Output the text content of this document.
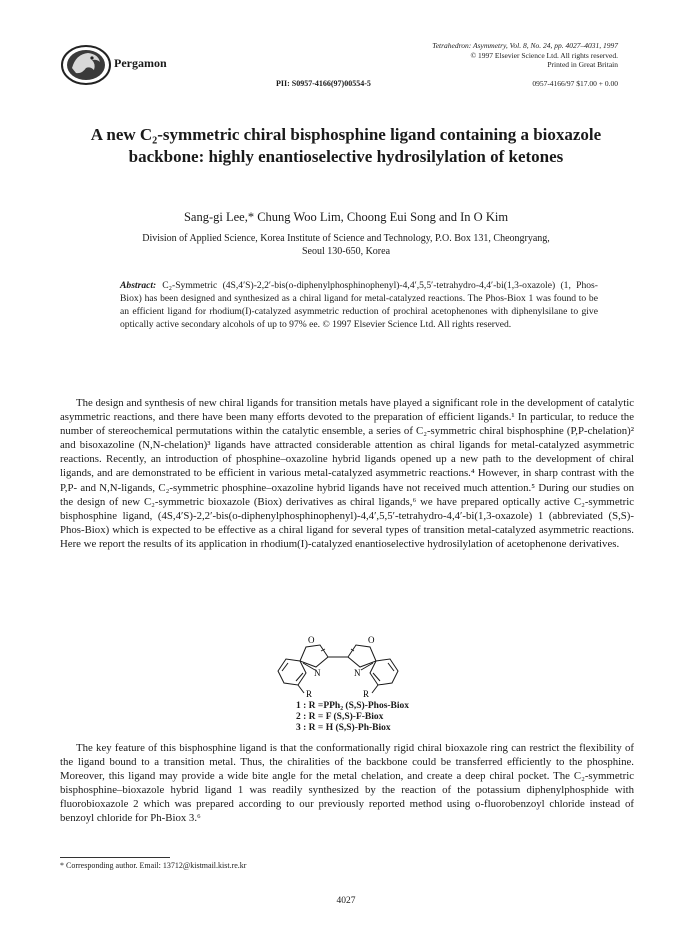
Pergamon
Tetrahedron: Asymmetry, Vol. 8, No. 24, pp. 4027–4031, 1997
© 1997 Elsevier Science Ltd. All rights reserved.
Printed in Great Britain
PII: S0957-4166(97)00554-5	0957-4166/97 $17.00 + 0.00
A new C₂-symmetric chiral bisphosphine ligand containing a bioxazole backbone: highly enantioselective hydrosilylation of ketones
Sang-gi Lee,* Chung Woo Lim, Choong Eui Song and In O Kim
Division of Applied Science, Korea Institute of Science and Technology, P.O. Box 131, Cheongryang,
Seoul 130-650, Korea
Abstract: C₂-Symmetric (4S,4′S)-2,2′-bis(o-diphenylphosphinophenyl)-4,4′,5,5′-tetrahydro-4,4′-bi(1,3-oxazole) (1, Phos-Biox) has been designed and synthesized as a chiral ligand for metal-catalyzed reactions. The Phos-Biox 1 was found to be an efficient ligand for rhodium(I)-catalyzed asymmetric reduction of prochiral acetophenones with diphenylsilane to give optically active secondary alcohols of up to 97% ee. © 1997 Elsevier Science Ltd. All rights reserved.
The design and synthesis of new chiral ligands for transition metals have played a significant role in the development of catalytic asymmetric reactions, and there have been many efforts devoted to the preparation of efficient ligands.¹ In particular, to reduce the number of stereochemical permutations within the catalytic ensemble, a series of C₂-symmetric chiral bisphosphine (P,P-chelation)² and bisoxazoline (N,N-chelation)³ ligands have attracted considerable attention as chiral ligands for metal-catalyzed asymmetric reactions. Recently, an introduction of phosphine–oxazoline hybrid ligands opened up a new path to the development of chiral ligands, and are demonstrated to be efficient in various metal-catalyzed asymmetric reactions.⁴ However, in sharp contrast with the P,P- and N,N-ligands, C₂-symmetric phosphine–oxazoline hybrid ligands have not received much attention.⁵ During our studies on the design of new C₂-symmetric bioxazole (Biox) derivatives as chiral ligands,⁶ we have prepared optically active C₂-symmetric bisphosphine ligand, (4S,4′S)-2,2′-bis(o-diphenylphosphinophenyl)-4,4′,5,5′-tetrahydro-4,4′-bi(1,3-oxazole) 1 (abbreviated (S,S)-Phos-Biox) which is expected to be effective as a chiral ligand for several types of transition metal-catalyzed asymmetric reactions. Here we report the results of its application in rhodium(I)-catalyzed enantioselective hydrosilylation of acetophenone derivatives.
O	O
N	N
R	R
1 : R =PPh₂ (S,S)-Phos-Biox
2 : R = F (S,S)-F-Biox
3 : R = H (S,S)-Ph-Biox
The key feature of this bisphosphine ligand is that the conformationally rigid chiral bioxazole ring can restrict the flexibility of the ligand bound to a transition metal. Thus, the chiralities of the backbone could be transferred efficiently to the phosphine. Moreover, this ligand may provide a wide bite angle for the metal chelation, and create a deep chiral pocket. The C₂-symmetric bisphosphine–bioxazole hybrid ligand 1 was readily synthesized by the reaction of the potassium diphenylphosphide with fluorobioxazole 2 which was prepared according to our previously reported method using o-fluorobenzoyl chloride instead of benzoyl chloride for Ph-Biox 3.⁶
* Corresponding author. Email: 13712@kistmail.kist.re.kr
4027
